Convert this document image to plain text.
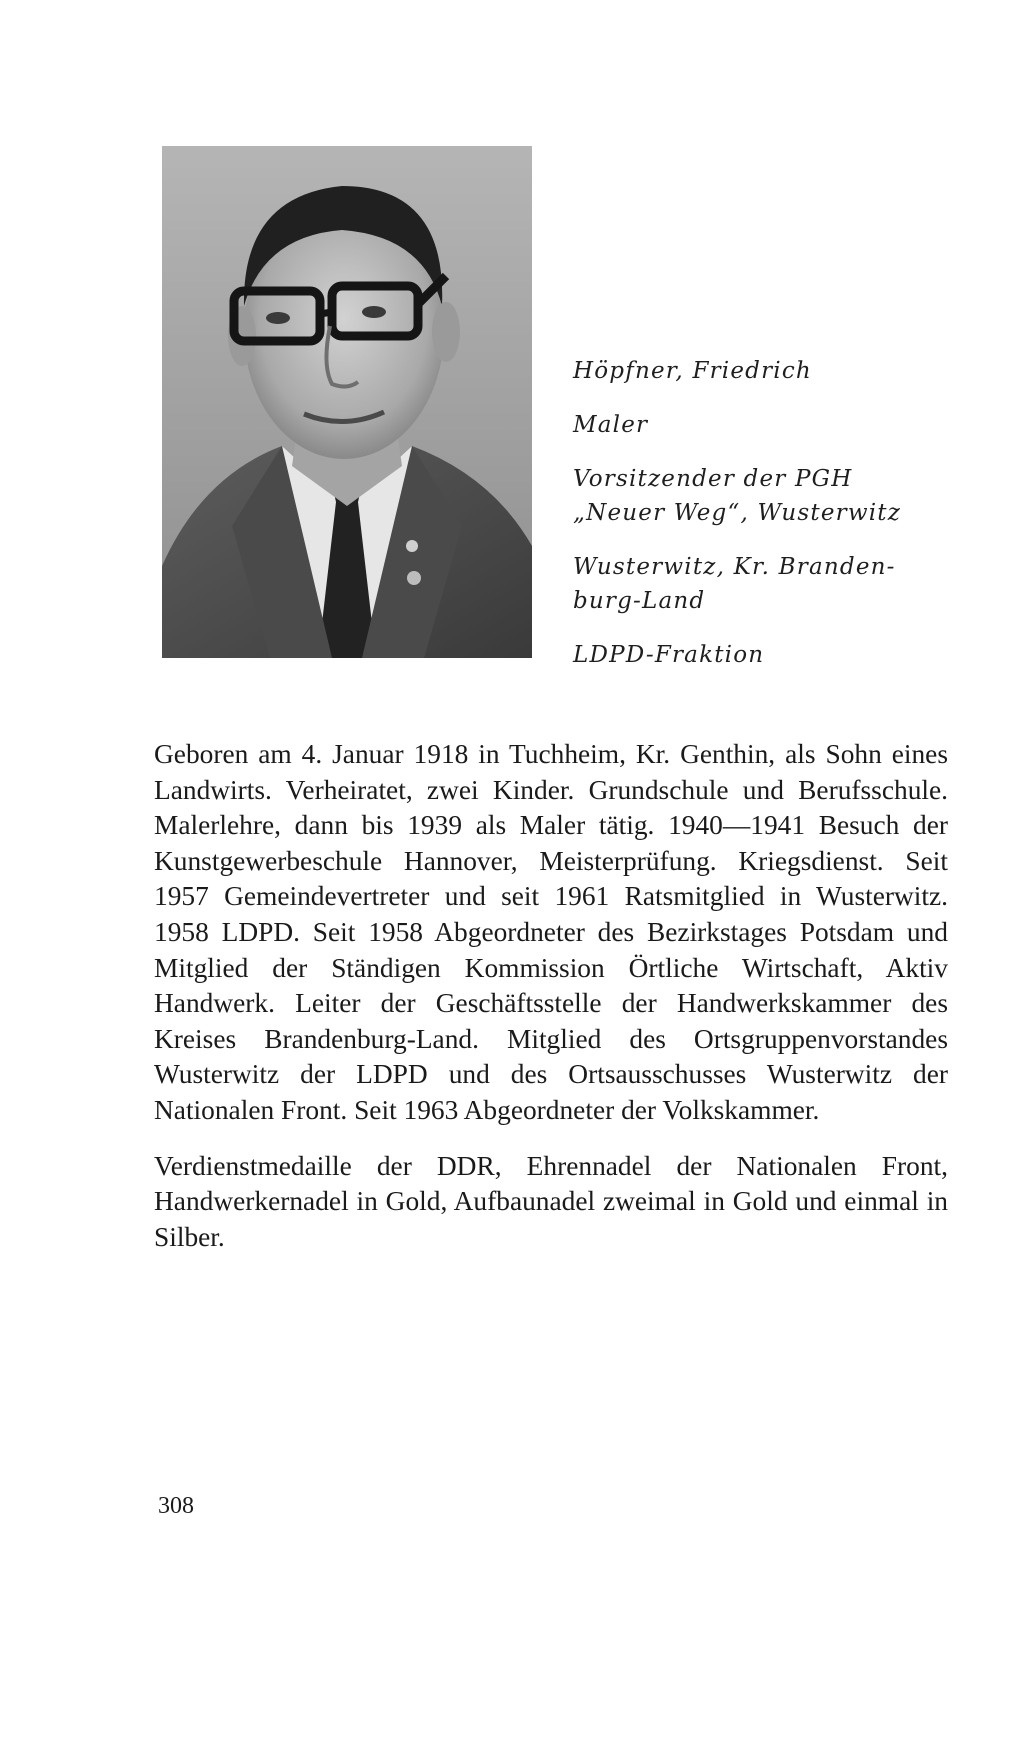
Höpfner, Friedrich

Maler

Vorsitzender der PGH
„Neuer Weg“, Wusterwitz

Wusterwitz, Kr. Branden-
burg-Land

LDPD-Fraktion

Geboren am 4. Januar 1918 in Tuchheim, Kr. Genthin, als Sohn eines Landwirts. Verheiratet, zwei Kinder. Grundschule und Berufsschule. Malerlehre, dann bis 1939 als Maler tätig. 1940—1941 Besuch der Kunstgewerbeschule Hannover, Meisterprüfung. Kriegsdienst. Seit 1957 Gemeindevertreter und seit 1961 Ratsmitglied in Wusterwitz. 1958 LDPD. Seit 1958 Abgeordneter des Bezirkstages Potsdam und Mitglied der Ständigen Kommission Örtliche Wirtschaft, Aktiv Handwerk. Leiter der Geschäftsstelle der Handwerkskammer des Kreises Brandenburg-Land. Mitglied des Ortsgruppenvorstandes Wusterwitz der LDPD und des Ortsausschusses Wusterwitz der Nationalen Front. Seit 1963 Abgeordneter der Volkskammer.

Verdienstmedaille der DDR, Ehrennadel der Nationalen Front, Handwerkernadel in Gold, Aufbaunadel zweimal in Gold und einmal in Silber.

308
